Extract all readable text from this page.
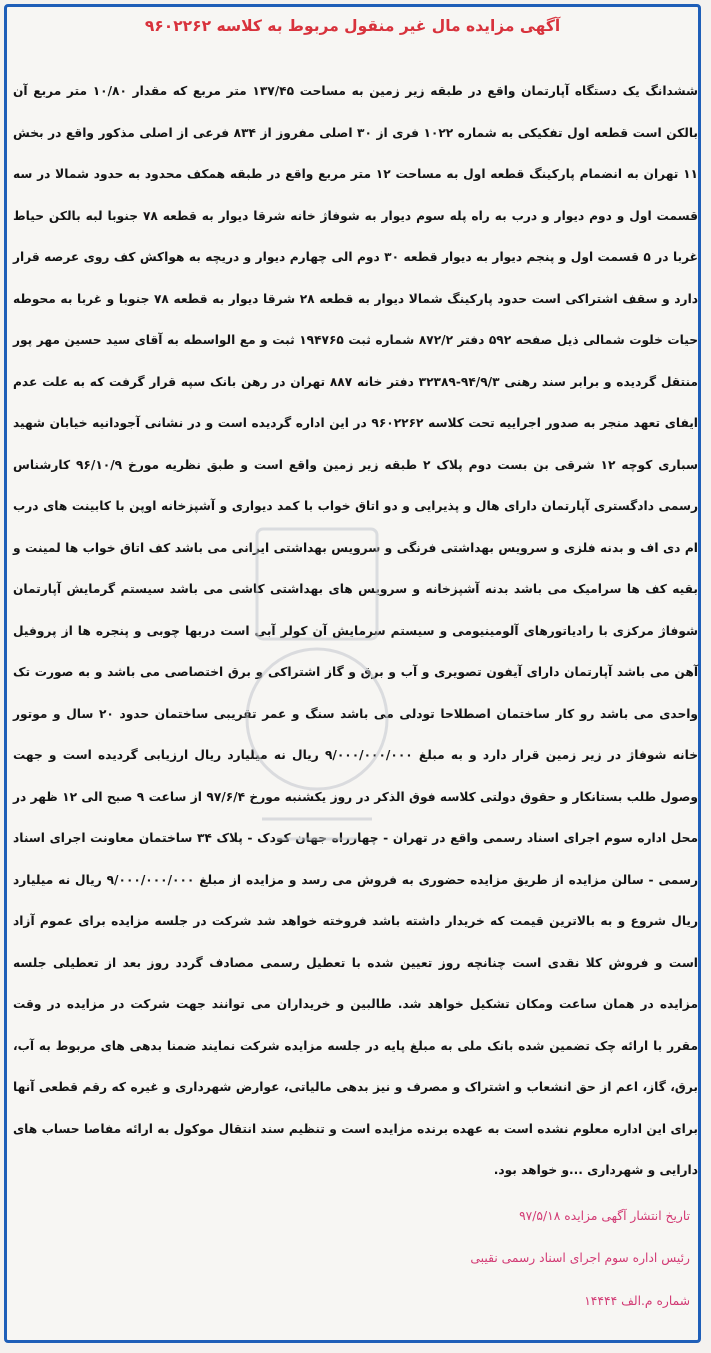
آگهی مزایده مال غیر منقول مربوط به کلاسه ۹۶۰۲۲۶۲

ششدانگ یک دستگاه آپارتمان واقع در طبقه زیر زمین به مساحت ۱۳۷/۴۵ متر مربع که مقدار ۱۰/۸۰ متر مربع آن بالکن است قطعه اول تفکیکی به شماره ۱۰۲۲ فری از ۳۰ اصلی مفروز از ۸۳۴ فرعی از اصلی مذکور واقع در بخش ۱۱ تهران به انضمام پارکینگ قطعه اول به مساحت ۱۲ متر مربع واقع در طبقه همکف محدود به حدود شمالا در سه قسمت اول و دوم دیوار و درب به راه پله سوم دیوار به شوفاژ خانه شرقا دیوار به قطعه ۷۸ جنوبا لبه بالکن حیاط غربا در ۵ قسمت اول و پنجم دیوار به دیوار قطعه ۳۰ دوم الی چهارم دیوار و دریچه به هواکش کف روی عرصه قرار دارد و سقف اشتراکی است حدود پارکینگ شمالا دیوار به قطعه ۲۸ شرقا دیوار به قطعه ۷۸ جنوبا و غربا به محوطه حیات خلوت شمالی ذیل صفحه ۵۹۲ دفتر ۸۷۲/۲ شماره ثبت ۱۹۴۷۶۵ ثبت و مع الواسطه به آقای سید حسین مهر پور منتقل گردیده و برابر سند رهنی ۹۴/۹/۳-۳۲۳۸۹ دفتر خانه ۸۸۷ تهران در رهن بانک سپه قرار گرفت که به علت عدم ایفای تعهد منجر به صدور اجراییه تحت کلاسه ۹۶۰۲۲۶۲ در این اداره گردیده است و در نشانی آجودانیه خیابان شهید سباری کوچه ۱۲ شرقی بن بست دوم پلاک ۲ طبقه زیر زمین واقع است و طبق نظریه مورخ ۹۶/۱۰/۹ کارشناس رسمی دادگستری آپارتمان دارای هال و پذیرایی و دو اتاق خواب با کمد دیواری و آشپزخانه اوپن با کابینت های درب ام دی اف و بدنه فلزی و سرویس بهداشتی فرنگی و سرویس بهداشتی ایرانی می باشد کف اتاق خواب ها لمینت و بقیه کف ها سرامیک می باشد بدنه آشپزخانه و سرویس های بهداشتی کاشی می باشد سیستم گرمایش آپارتمان شوفاژ مرکزی با رادیاتورهای آلومینیومی و سیستم سرمایش آن کولر آبی است دربها چوبی و پنجره ها از پروفیل آهن می باشد آپارتمان دارای آیفون تصویری و آب و برق و گاز اشتراکی و برق اختصاصی می باشد و به صورت تک واحدی می باشد رو کار ساختمان اصطلاحا تودلی می باشد سنگ و عمر تقریبی ساختمان حدود ۲۰ سال و موتور خانه شوفاژ در زیر زمین قرار دارد و به مبلغ ۹/۰۰۰/۰۰۰/۰۰۰ ریال نه میلیارد ریال ارزیابی گردیده است و جهت وصول طلب بستانکار و حقوق دولتی کلاسه فوق الذکر در روز یکشنبه مورخ ۹۷/۶/۴ از ساعت ۹ صبح الی ۱۲ ظهر در محل اداره سوم اجرای اسناد رسمی واقع در تهران - چهارراه جهان کودک - پلاک ۳۴ ساختمان معاونت اجرای اسناد رسمی - سالن مزایده از طریق مزایده حضوری به فروش می رسد و مزایده از مبلغ ۹/۰۰۰/۰۰۰/۰۰۰ ریال نه میلیارد ریال شروع و به بالاترین قیمت که خریدار داشته باشد فروخته خواهد شد شرکت در جلسه مزایده برای عموم آزاد است و فروش کلا نقدی است چنانچه روز تعیین شده با تعطیل رسمی مصادف گردد روز بعد از تعطیلی جلسه مزایده در همان ساعت ومکان تشکیل خواهد شد. طالبین و خریداران می توانند جهت شرکت در مزایده در وقت مقرر با ارائه چک تضمین شده بانک ملی به مبلغ پایه در جلسه مزایده شرکت نمایند ضمنا بدهی های مربوط به آب، برق، گاز، اعم از حق انشعاب و اشتراک و مصرف و نیز بدهی مالیاتی، عوارض شهرداری و غیره که رقم قطعی آنها برای این اداره معلوم نشده است به عهده برنده مزایده است و تنظیم سند انتقال موکول به ارائه مفاصا حساب های دارایی و شهرداری ...و خواهد بود.

تاریخ انتشار آگهی مزایده ۹۷/۵/۱۸

رئیس اداره سوم اجرای اسناد رسمی نقیبی

شماره م.الف ۱۴۴۴۴
